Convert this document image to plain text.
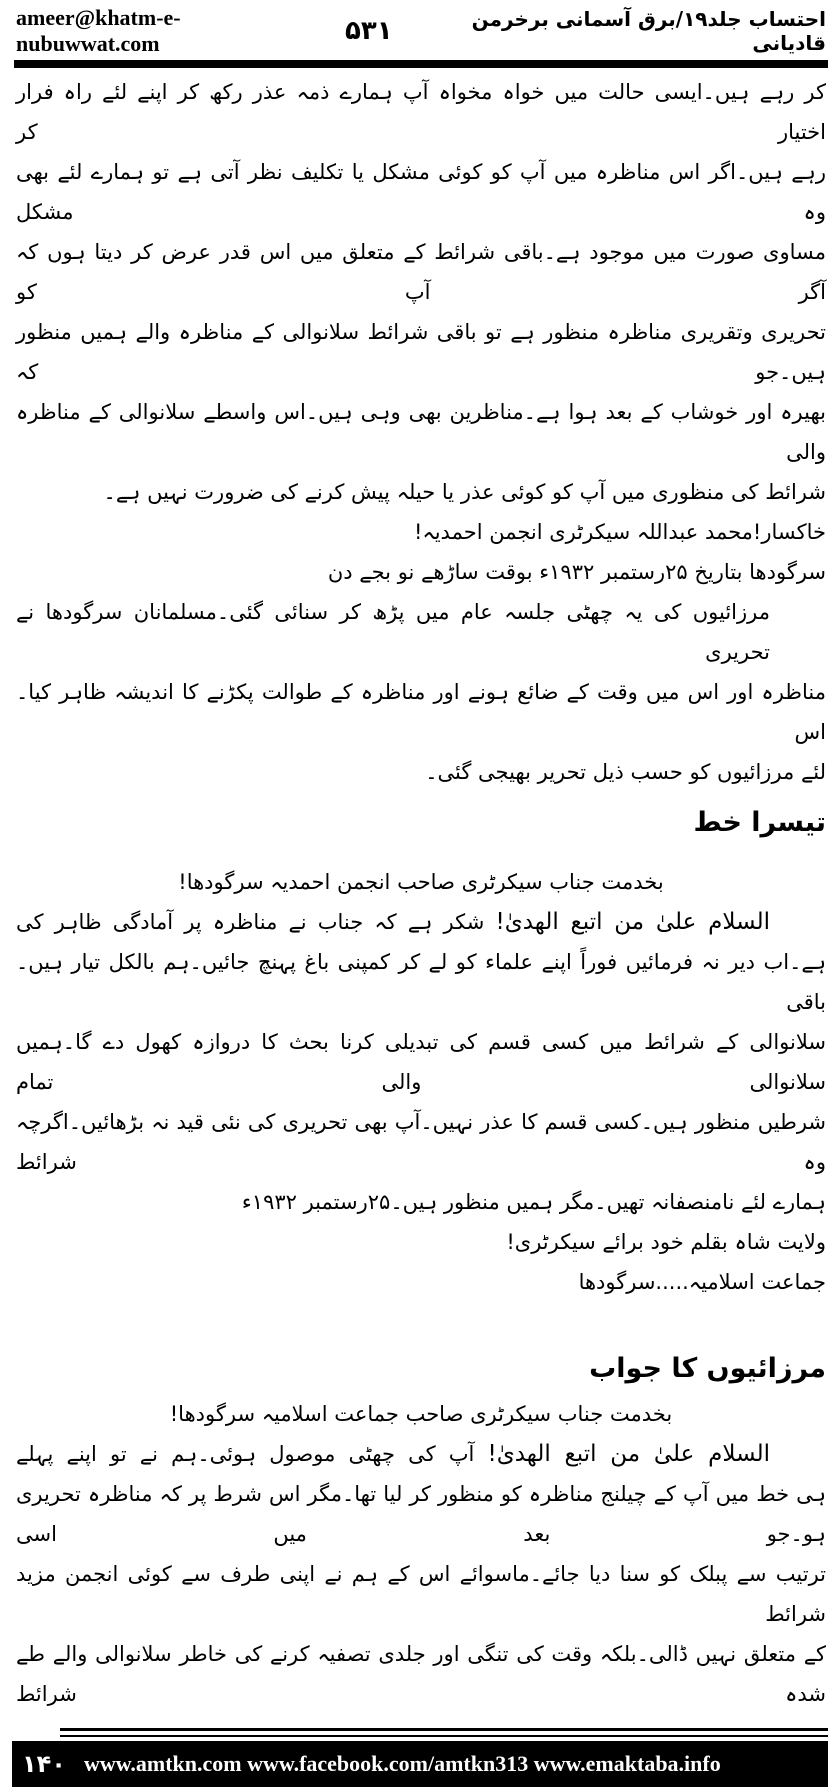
ameer@khatm-e-nubuwwat.com	۵۳۱	احتساب جلد۱۹/برق آسمانی برخرمن قادیانی
کر رہے ہیں۔ایسی حالت میں خواہ مخواہ آپ ہمارے ذمہ عذر رکھ کر اپنے لئے راہ فرار اختیار کر
رہے ہیں۔اگر اس مناظرہ میں آپ کو کوئی مشکل یا تکلیف نظر آتی ہے تو ہمارے لئے بھی وہ مشکل
مساوی صورت میں موجود ہے۔باقی شرائط کے متعلق میں اس قدر عرض کر دیتا ہوں کہ آگر آپ کو
تحریری وتقریری مناظرہ منظور ہے تو باقی شرائط سلانوالی کے مناظرہ والے ہمیں منظور ہیں۔جو کہ
بھیرہ اور خوشاب کے بعد ہوا ہے۔مناظرین بھی وہی ہیں۔اس واسطے سلانوالی کے مناظرہ والی
شرائط کی منظوری میں آپ کو کوئی عذر یا حیلہ پیش کرنے کی ضرورت نہیں ہے۔
خاکسار!محمد عبداللہ سیکرٹری انجمن احمدیہ!
سرگودھا بتاریخ ۲۵رستمبر ۱۹۳۲ء بوقت ساڑھے نو بجے دن
مرزائیوں کی یہ چھٹی جلسہ عام میں پڑھ کر سنائی گئی۔مسلمانان سرگودھا نے تحریری
مناظرہ اور اس میں وقت کے ضائع ہونے اور مناظرہ کے طوالت پکڑنے کا اندیشہ ظاہر کیا۔اس
لئے مرزائیوں کو حسب ذیل تحریر بھیجی گئی۔
تیسرا خط
بخدمت جناب سیکرٹری صاحب انجمن احمدیہ سرگودھا!
السلام علیٰ من اتبع الھدیٰ! شکر ہے کہ جناب نے مناظرہ پر آمادگی ظاہر کی
ہے۔اب دیر نہ فرمائیں فوراً اپنے علماء کو لے کر کمپنی باغ پہنچ جائیں۔ہم بالکل تیار ہیں۔باقی
سلانوالی کے شرائط میں کسی قسم کی تبدیلی کرنا بحث کا دروازہ کھول دے گا۔ہمیں سلانوالی والی تمام
شرطیں منظور ہیں۔کسی قسم کا عذر نہیں۔آپ بھی تحریری کی نئی قید نہ بڑھائیں۔اگرچہ وہ شرائط
ہمارے لئے نامنصفانہ تھیں۔مگر ہمیں منظور ہیں۔۲۵رستمبر ۱۹۳۲ء
ولایت شاہ بقلم خود برائے سیکرٹری!
جماعت اسلامیہ.....سرگودھا
مرزائیوں کا جواب
بخدمت جناب سیکرٹری صاحب جماعت اسلامیہ سرگودھا!
السلام علیٰ من اتبع الھدیٰ! آپ کی چھٹی موصول ہوئی۔ہم نے تو اپنے پہلے
ہی خط میں آپ کے چیلنج مناظرہ کو منظور کر لیا تھا۔مگر اس شرط پر کہ مناظرہ تحریری ہو۔جو بعد میں اسی
ترتیب سے پبلک کو سنا دیا جائے۔ماسوائے اس کے ہم نے اپنی طرف سے کوئی انجمن مزید شرائط
کے متعلق نہیں ڈالی۔بلکہ وقت کی تنگی اور جلدی تصفیہ کرنے کی خاطر سلانوالی والے طے شدہ شرائط
۱۴۰ www.amtkn.com www.facebook.com/amtkn313 www.emaktaba.info
